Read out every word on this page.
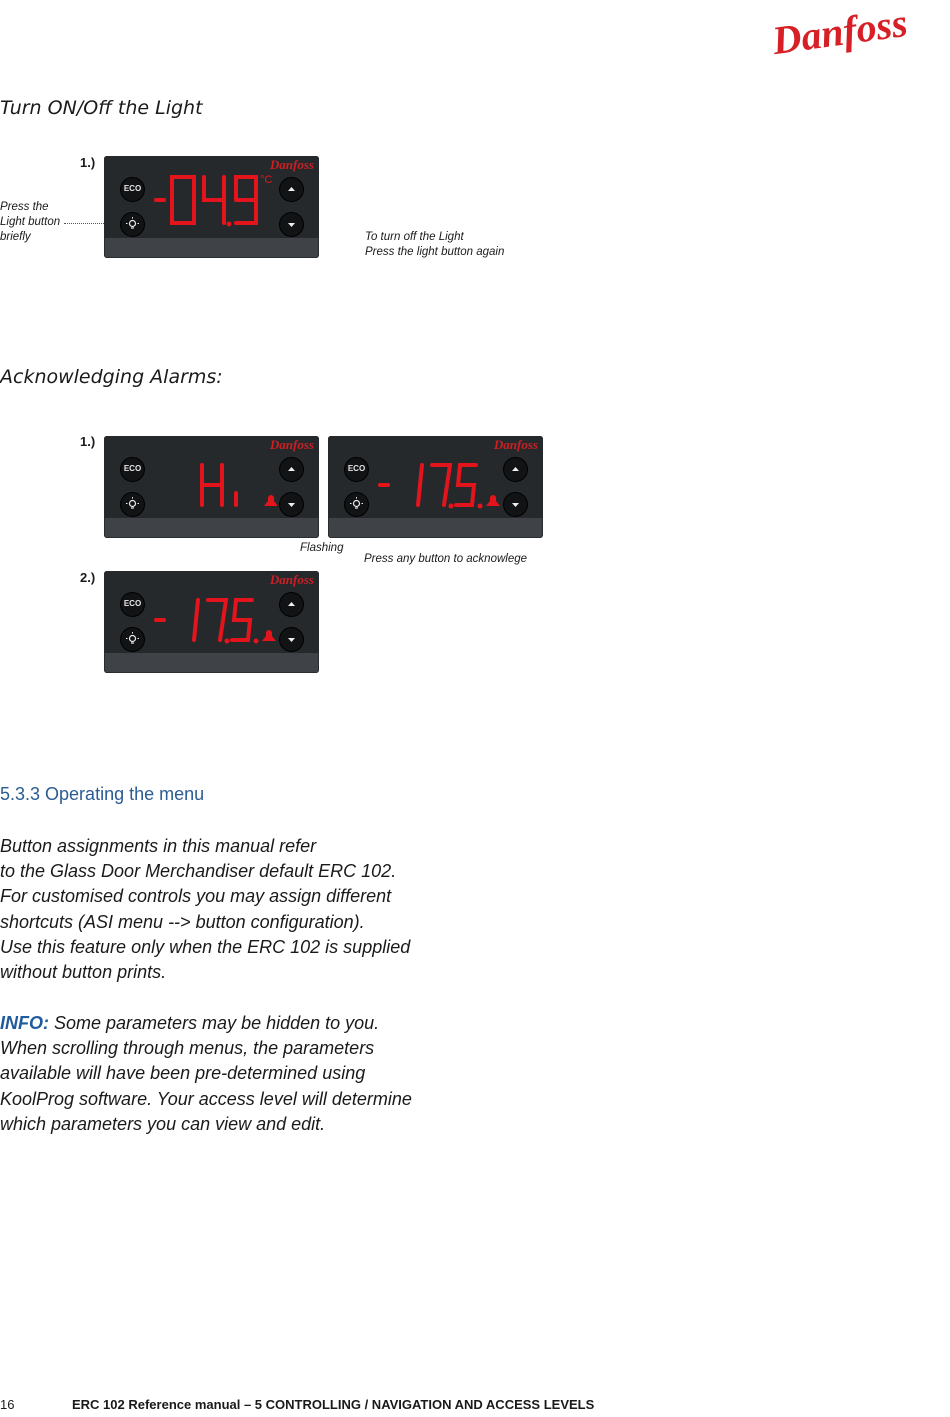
Danfoss
Turn ON/Off the Light
1.)
Press the
Light button
briefly	To turn off the Light
Press the light button again
ECO
Danfoss
°C
Acknowledging Alarms:
1.)
2.)
Flashing
Press any button to acknowlege
ECO
Danfoss
ECO
Danfoss
ECO
Danfoss
5.3.3 Operating the menu
Button assignments in this manual refer
to the Glass Door Merchandiser default ERC 102.
For customised controls you may assign different
shortcuts (ASI menu --> button configuration).
Use this feature only when the ERC 102 is supplied
without button prints.
INFO: Some parameters may be hidden to you.
When scrolling through menus, the parameters
available will have been pre-determined using
KoolProg software. Your access level will determine
which parameters you can view and edit.
16	ERC 102 Reference manual – 5 CONTROLLING / NAVIGATION AND ACCESS LEVELS
